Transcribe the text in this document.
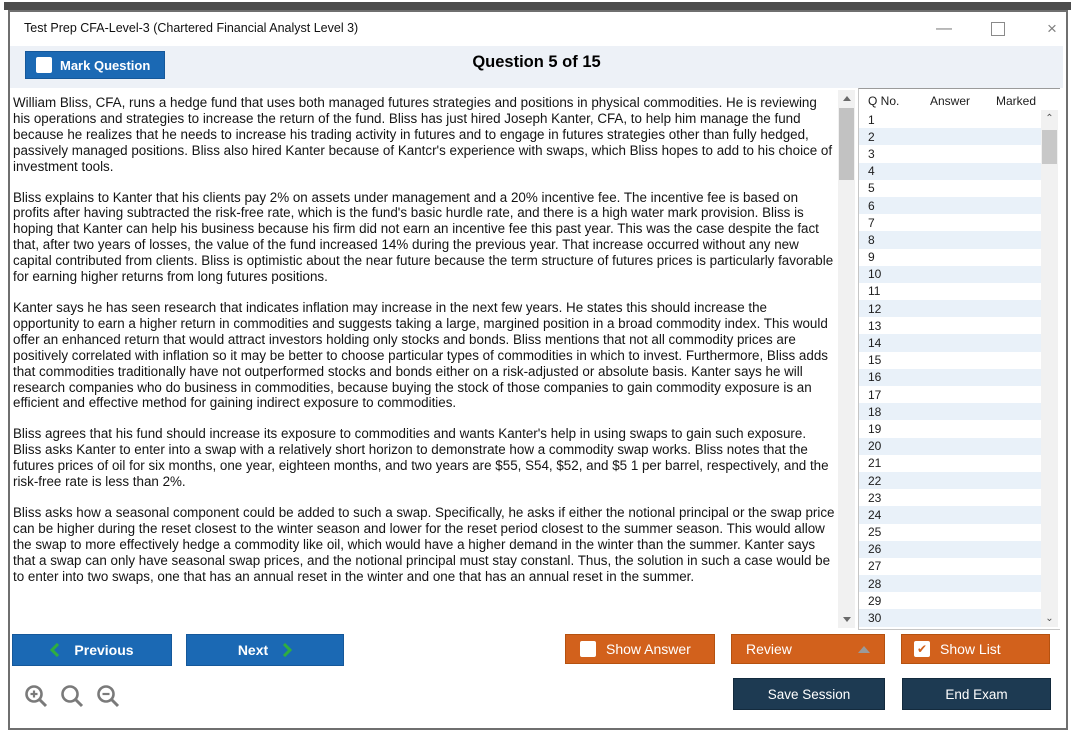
Test Prep CFA-Level-3 (Chartered Financial Analyst Level 3)	—	×
Mark Question	Question 5 of 15

William Bliss, CFA, runs a hedge fund that uses both managed futures strategies and positions in physical commodities. He is reviewing his operations and strategies to increase the return of the fund. Bliss has just hired Joseph Kanter, CFA, to help him manage the fund because he realizes that he needs to increase his trading activity in futures and to engage in futures strategies other than fully hedged, passively managed positions. Bliss also hired Kanter because of Kantcr's experience with swaps, which Bliss hopes to add to his choice of investment tools.

Bliss explains to Kanter that his clients pay 2% on assets under management and a 20% incentive fee. The incentive fee is based on profits after having subtracted the risk-free rate, which is the fund's basic hurdle rate, and there is a high water mark provision. Bliss is hoping that Kanter can help his business because his firm did not earn an incentive fee this past year. This was the case despite the fact that, after two years of losses, the value of the fund increased 14% during the previous year. That increase occurred without any new capital contributed from clients. Bliss is optimistic about the near future because the term structure of futures prices is particularly favorable for earning higher returns from long futures positions.

Kanter says he has seen research that indicates inflation may increase in the next few years. He states this should increase the opportunity to earn a higher return in commodities and suggests taking a large, margined position in a broad commodity index. This would offer an enhanced return that would attract investors holding only stocks and bonds. Bliss mentions that not all commodity prices are positively correlated with inflation so it may be better to choose particular types of commodities in which to invest. Furthermore, Bliss adds that commodities traditionally have not outperformed stocks and bonds either on a risk-adjusted or absolute basis. Kanter says he will research companies who do business in commodities, because buying the stock of those companies to gain commodity exposure is an efficient and effective method for gaining indirect exposure to commodities.

Bliss agrees that his fund should increase its exposure to commodities and wants Kanter's help in using swaps to gain such exposure. Bliss asks Kanter to enter into a swap with a relatively short horizon to demonstrate how a commodity swap works. Bliss notes that the futures prices of oil for six months, one year, eighteen months, and two years are $55, S54, $52, and $5 1 per barrel, respectively, and the risk-free rate is less than 2%.

Bliss asks how a seasonal component could be added to such a swap. Specifically, he asks if either the notional principal or the swap price can be higher during the reset closest to the winter season and lower for the reset period closest to the summer season. This would allow the swap to more effectively hedge a commodity like oil, which would have a higher demand in the winter than the summer. Kanter says that a swap can only have seasonal swap prices, and the notional principal must stay constanl. Thus, the solution in such a case would be to enter into two swaps, one that has an annual reset in the winter and one that has an annual reset in the summer.

Q No.	Answer	Marked
1
2
3
4
5
6
7
8
9
10
11
12
13
14
15
16
17
18
19
20
21
22
23
24
25
26
27
28
29
30
⌃
⌄
Previous	Next	Show Answer	Review	✔ Show List
Save Session	End Exam
